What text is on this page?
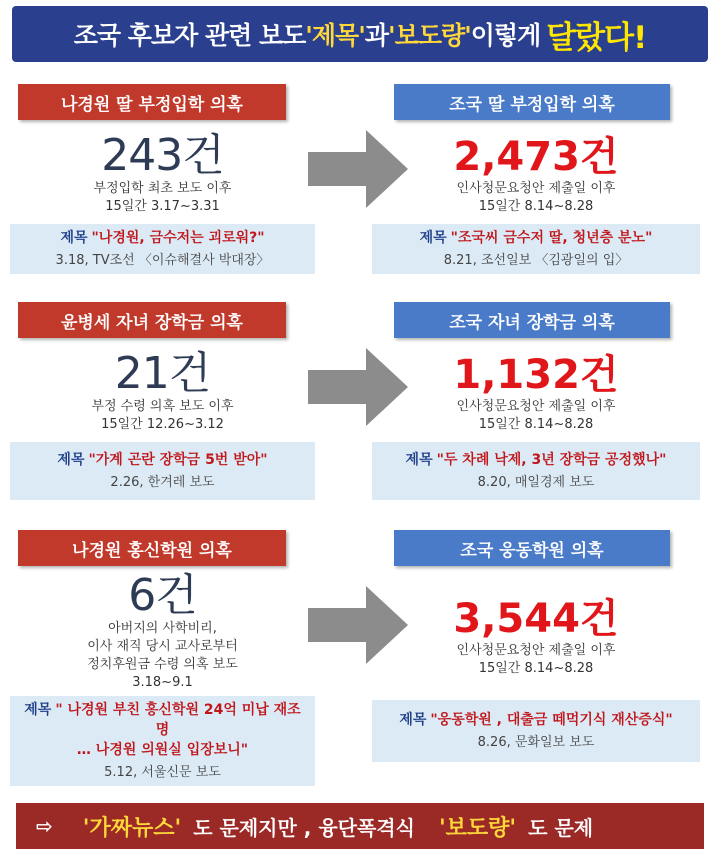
조국 후보자 관련 보도 '제목' 과 '보도량' 이렇게 달랐다!
나경원 딸 부정입학 의혹
243건
부정입학 최초 보도 이후
15일간 3.17~3.31
제목 "나경원, 금수저는 괴로워?"
3.18, TV조선 〈이슈해결사 박대장〉
조국 딸 부정입학 의혹
2,473건
인사청문요청안 제출일 이후
15일간 8.14~8.28
제목 "조국씨 금수저 딸, 청년층 분노"
8.21, 조선일보 〈김광일의 입〉
윤병세 자녀 장학금 의혹
21건
부정 수령 의혹 보도 이후
15일간 12.26~3.12
제목 "가계 곤란 장학금 5번 받아"
2.26, 한겨레 보도
조국 자녀 장학금 의혹
1,132건
인사청문요청안 제출일 이후
15일간 8.14~8.28
제목 "두 차례 낙제, 3년 장학금 공정했나"
8.20, 매일경제 보도
나경원 홍신학원 의혹
6건
아버지의 사학비리,
이사 재직 당시 교사로부터
정치후원금 수령 의혹 보도
3.18~9.1
제목 " 나경원 부친 홍신학원 24억 미납 재조명
… 나경원 의원실 입장보니"
5.12, 서울신문 보도
조국 웅동학원 의혹
3,544건
인사청문요청안 제출일 이후
15일간 8.14~8.28
제목 "웅동학원 , 대출금 떼먹기식 재산증식"
8.26, 문화일보 보도
⇨ '가짜뉴스' 도 문제지만 , 융단폭격식 '보도량' 도 문제
